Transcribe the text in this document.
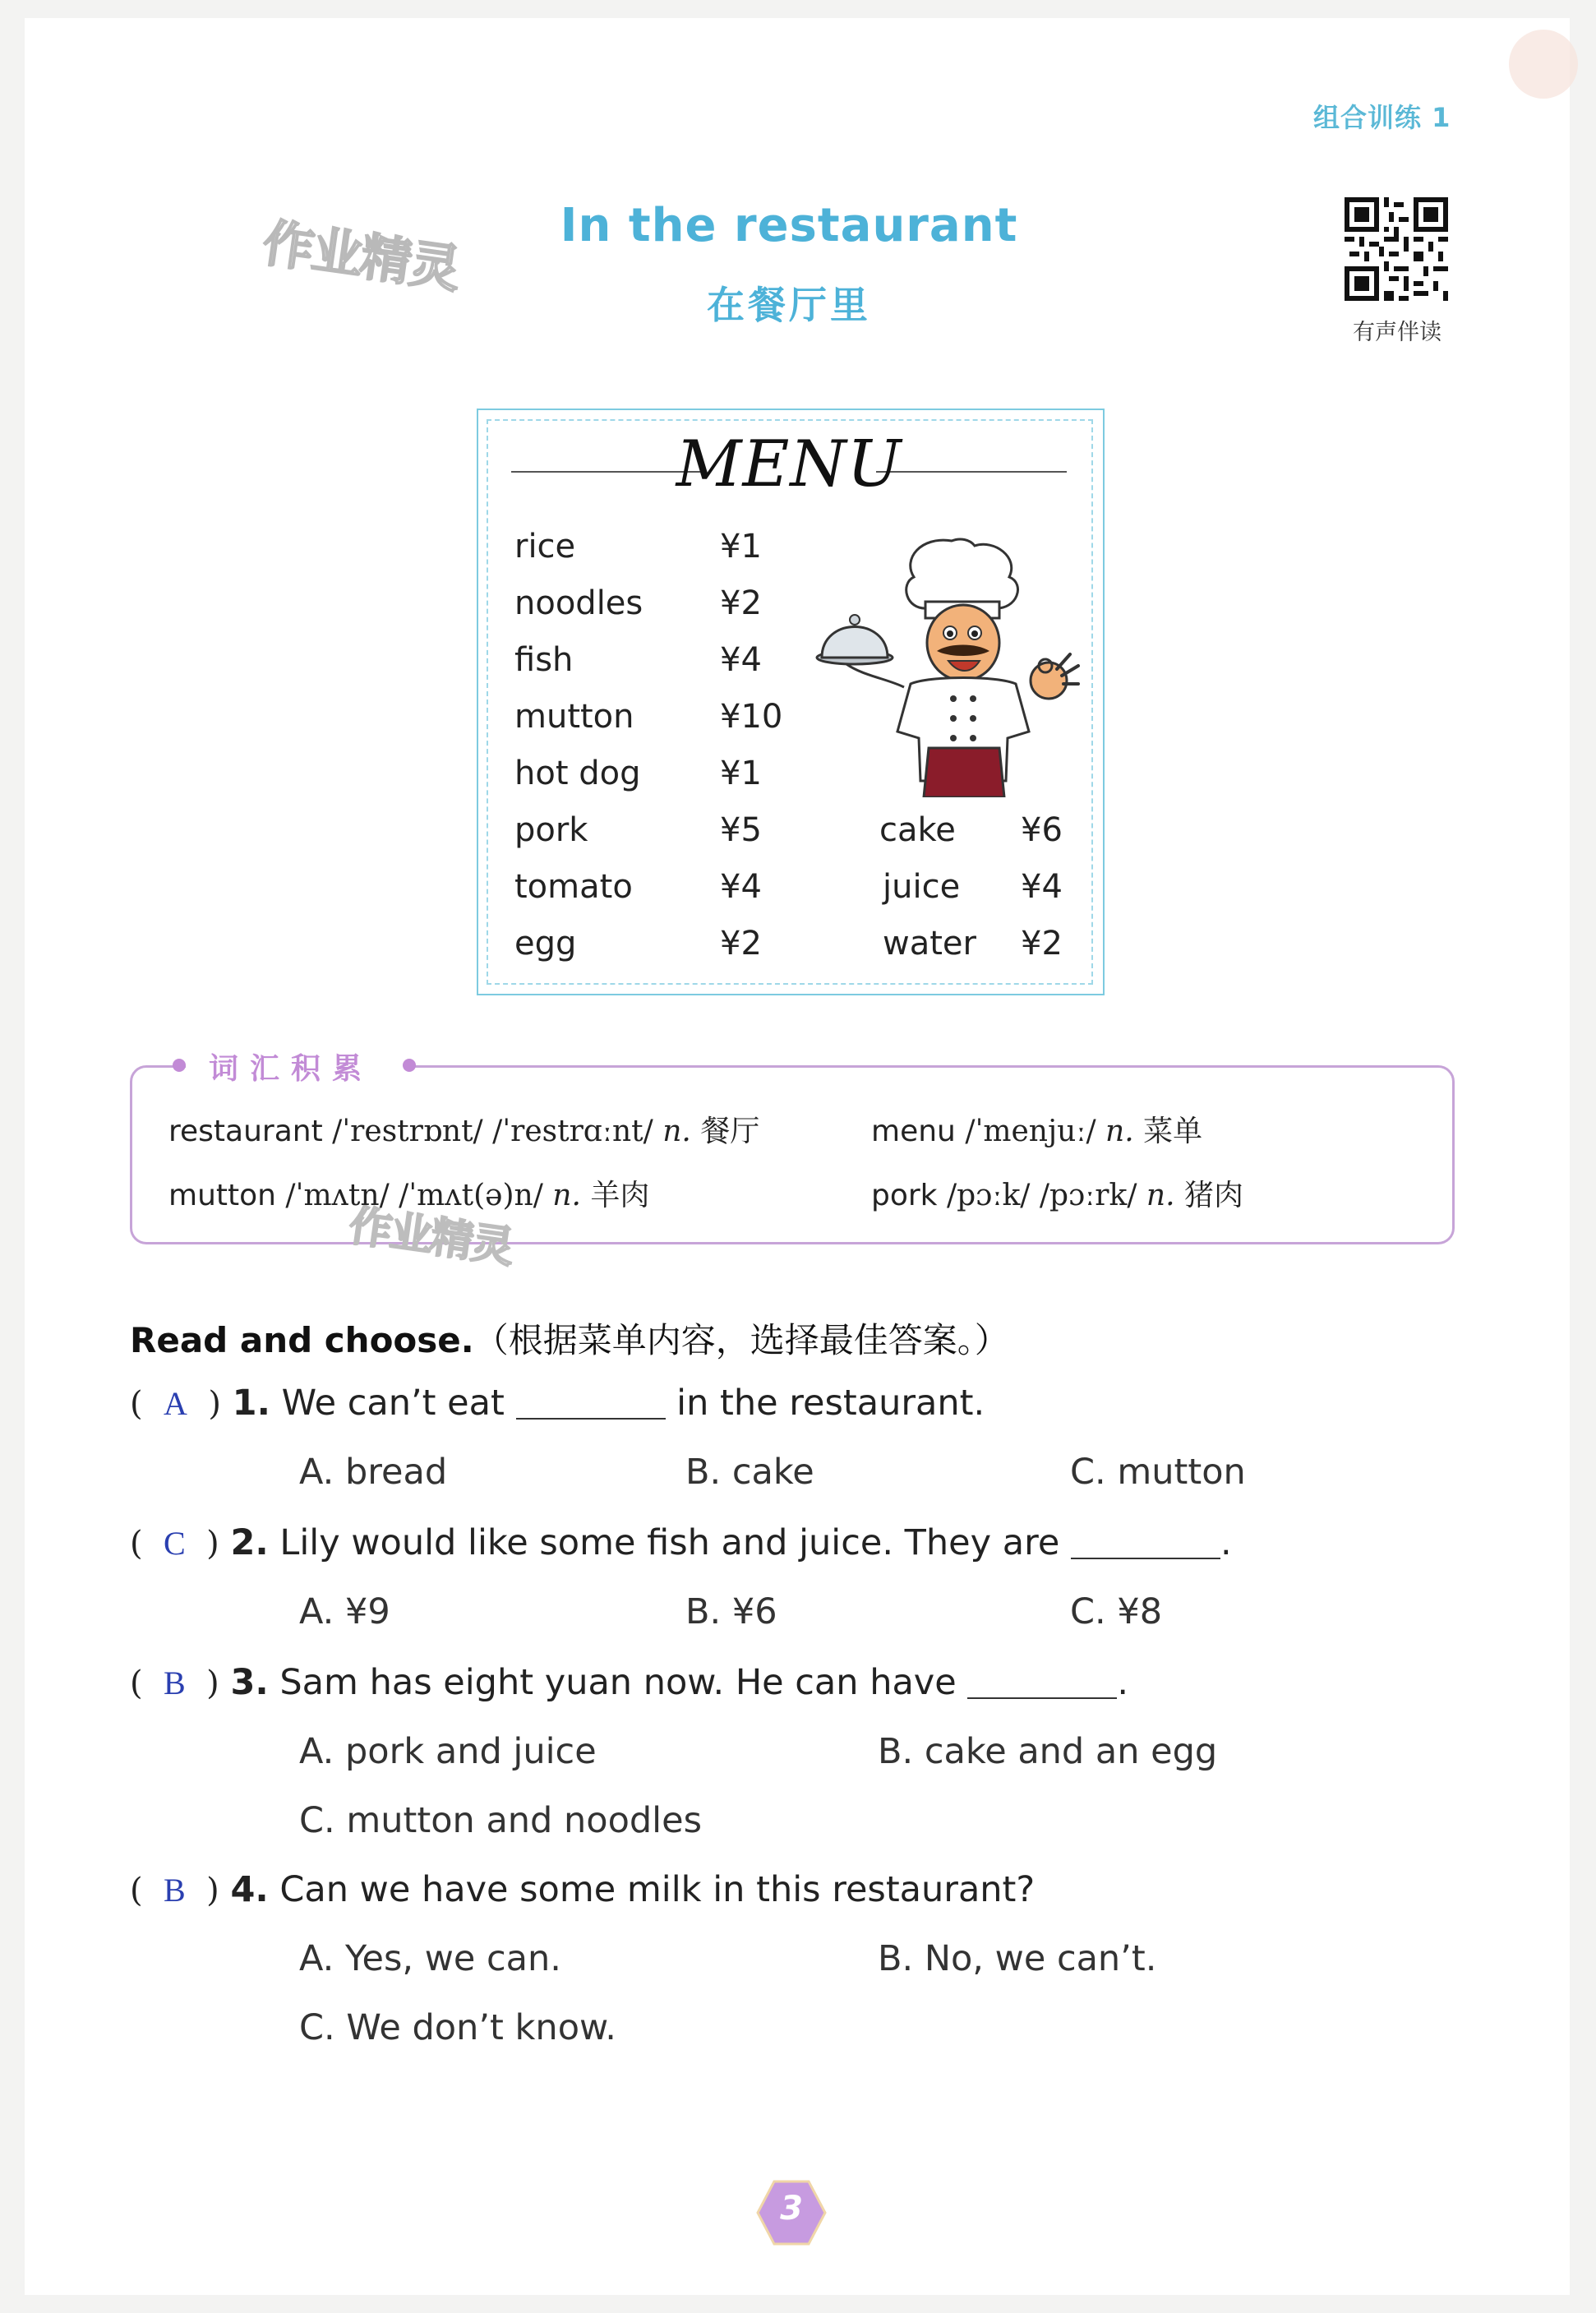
组合训练 1
作业精灵	In the restaurant
在餐厅里
有声伴读
MENU
rice	¥1
noodles ¥2
fish	¥4
mutton	¥10
hot dog ¥1
pork	¥5
tomato	¥4
egg	¥2
cake ¥6
juice ¥4
water ¥2
词汇积累
作业精灵
restaurant /ˈrestrɒnt/ /ˈrestrɑːnt/ n. 餐厅	menu /ˈmenjuː/ n. 菜单
mutton /ˈmʌtn/ /ˈmʌt(ə)n/ n. 羊肉	pork /pɔːk/ /pɔːrk/ n. 猪肉
Read and choose.（根据菜单内容，选择最佳答案。）
(  A  ) 1. We can’t eat	in the restaurant.
A. bread	B. cake	C. mutton
(  C  ) 2. Lily would like some fish and juice. They are	.
A. ¥9	B. ¥6	C. ¥8
(  B  ) 3. Sam has eight yuan now. He can have	.
A. pork and juice	B. cake and an egg
C. mutton and noodles
(  B  ) 4. Can we have some milk in this restaurant?
A. Yes, we can.	B. No, we can’t.
C. We don’t know.
3
